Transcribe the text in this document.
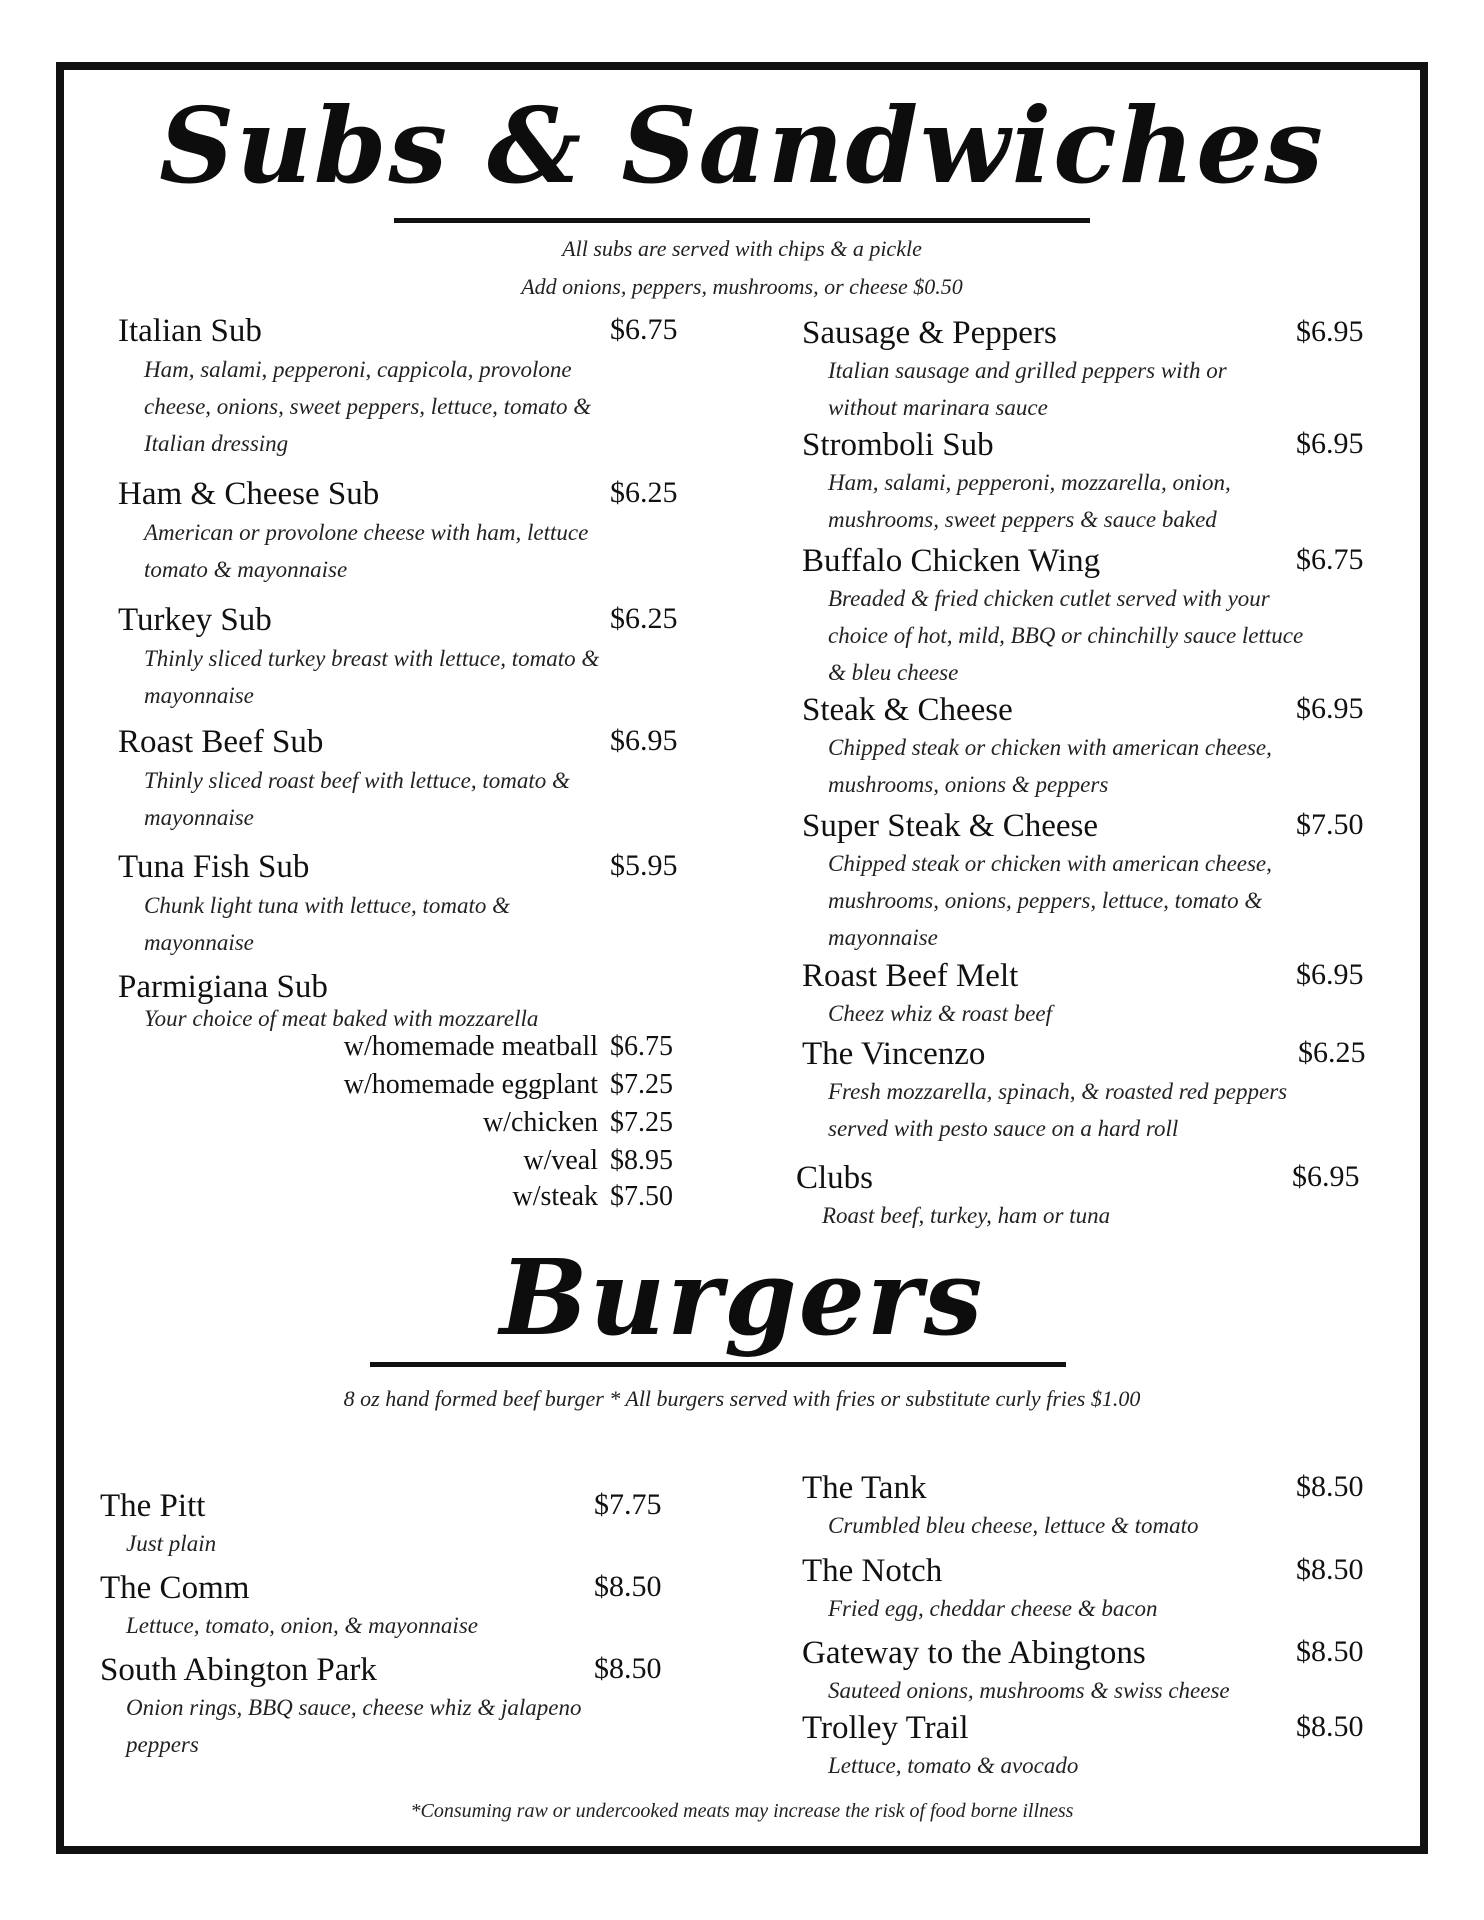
Subs & Sandwiches
All subs are served with chips & a pickle
Add onions, peppers, mushrooms, or cheese $0.50
Italian Sub	$6.75
Ham, salami, pepperoni, cappicola, provolone cheese, onions, sweet peppers, lettuce, tomato & Italian dressing
Ham & Cheese Sub	$6.25
American or provolone cheese with ham, lettuce tomato & mayonnaise
Turkey Sub	$6.25
Thinly sliced turkey breast with lettuce, tomato & mayonnaise
Roast Beef Sub	$6.95
Thinly sliced roast beef with lettuce, tomato & mayonnaise
Tuna Fish Sub	$5.95
Chunk light tuna with lettuce, tomato & mayonnaise
Parmigiana Sub
Your choice of meat baked with mozzarella
w/homemade meatball $6.75
w/homemade eggplant $7.25
w/chicken $7.25
w/veal $8.95
w/steak $7.50
Sausage & Peppers	$6.95
Italian sausage and grilled peppers with or without marinara sauce
Stromboli Sub	$6.95
Ham, salami, pepperoni, mozzarella, onion, mushrooms, sweet peppers & sauce baked
Buffalo Chicken Wing	$6.75
Breaded & fried chicken cutlet served with your choice of hot, mild, BBQ or chinchilly sauce lettuce & bleu cheese
Steak & Cheese	$6.95
Chipped steak or chicken with american cheese, mushrooms, onions & peppers
Super Steak & Cheese	$7.50
Chipped steak or chicken with american cheese, mushrooms, onions, peppers, lettuce, tomato & mayonnaise
Roast Beef Melt	$6.95
Cheez whiz & roast beef
The Vincenzo	$6.25
Fresh mozzarella, spinach, & roasted red peppers served with pesto sauce on a hard roll
Clubs	$6.95
Roast beef, turkey, ham or tuna
Burgers
8 oz hand formed beef burger * All burgers served with fries or substitute curly fries $1.00
The Pitt	$7.75
Just plain
The Comm	$8.50
Lettuce, tomato, onion, & mayonnaise
South Abington Park	$8.50
Onion rings, BBQ sauce, cheese whiz & jalapeno peppers
The Tank	$8.50
Crumbled bleu cheese, lettuce & tomato
The Notch	$8.50
Fried egg, cheddar cheese & bacon
Gateway to the Abingtons	$8.50
Sauteed onions, mushrooms & swiss cheese
Trolley Trail	$8.50
Lettuce, tomato & avocado
*Consuming raw or undercooked meats may increase the risk of food borne illness
